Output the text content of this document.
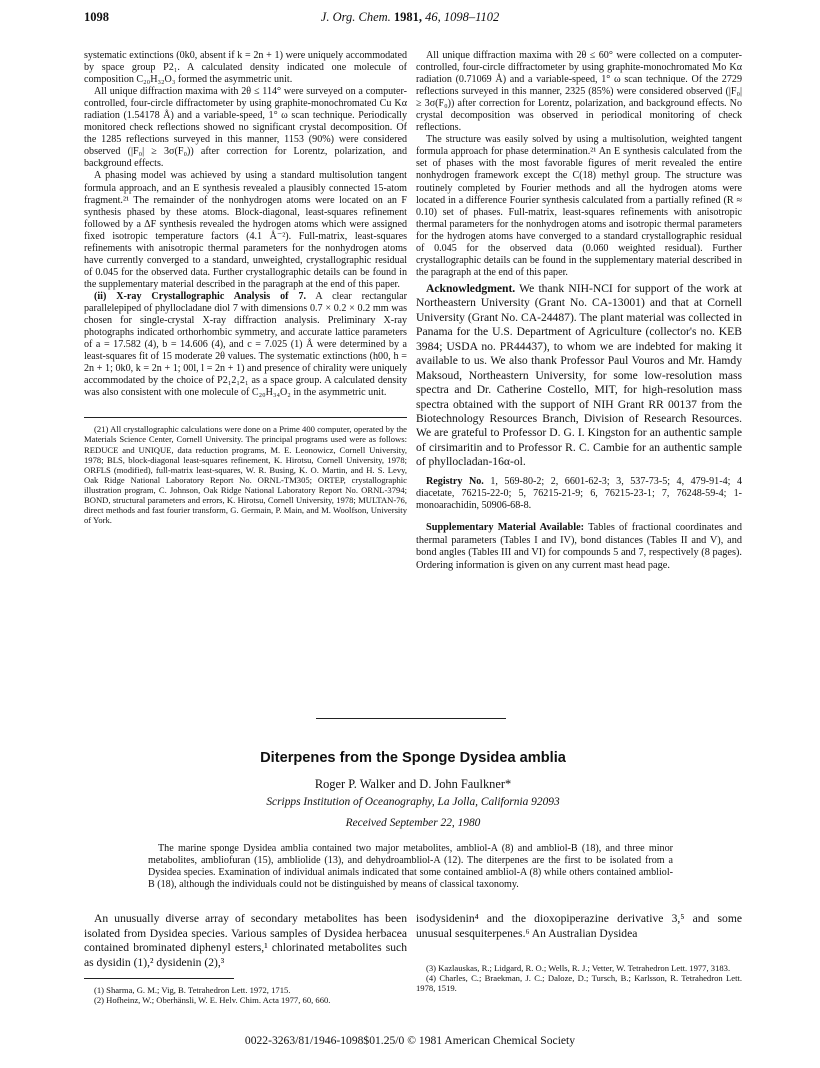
1098	J. Org. Chem. 1981, 46, 1098–1102

systematic extinctions (0k0, absent if k = 2n + 1) were uniquely accommodated by space group P2₁. A calculated density indicated one molecule of composition C₂₀H₃₂O₃ formed the asymmetric unit.

All unique diffraction maxima with 2θ ≤ 114° were surveyed on a computer-controlled, four-circle diffractometer by using graphite-monochromated Cu Kα radiation (1.54178 Å) and a variable-speed, 1° ω scan technique. Periodically monitored check reflections showed no significant crystal decomposition. Of the 1285 reflections surveyed in this manner, 1153 (90%) were considered observed (|F₀| ≥ 3σ(F₀)) after correction for Lorentz, polarization, and background effects.

A phasing model was achieved by using a standard multisolution tangent formula approach, and an E synthesis revealed a plausibly connected 15-atom fragment.²¹ The remainder of the nonhydrogen atoms were located on an F synthesis phased by these atoms. Block-diagonal, least-squares refinement followed by a ΔF synthesis revealed the hydrogen atoms which were assigned fixed isotropic temperature factors (4.1 Å⁻²). Full-matrix, least-squares refinements with anisotropic thermal parameters for the nonhydrogen atoms have currently converged to a standard, unweighted, crystallographic residual of 0.045 for the observed data. Further crystallographic details can be found in the supplementary material described in the paragraph at the end of this paper.

(ii) X-ray Crystallographic Analysis of 7. A clear rectangular parallelepiped of phyllocladane diol 7 with dimensions 0.7 × 0.2 × 0.2 mm was chosen for single-crystal X-ray diffraction analysis. Preliminary X-ray photographs indicated orthorhombic symmetry, and accurate lattice parameters of a = 17.582 (4), b = 14.606 (4), and c = 7.025 (1) Å were determined by a least-squares fit of 15 moderate 2θ values. The systematic extinctions (h00, h = 2n + 1; 0k0, k = 2n + 1; 00l, l = 2n + 1) and presence of chirality were uniquely accommodated by the choice of P2₁2₁2₁ as a space group. A calculated density was also consistent with one molecule of C₂₀H₃₄O₂ in the asymmetric unit.

(21) All crystallographic calculations were done on a Prime 400 computer, operated by the Materials Science Center, Cornell University. The principal programs used were as follows: REDUCE and UNIQUE, data reduction programs, M. E. Leonowicz, Cornell University, 1978; BLS, block-diagonal least-squares refinement, K. Hirotsu, Cornell University, 1978; ORFLS (modified), full-matrix least-squares, W. R. Busing, K. O. Martin, and H. S. Levy, Oak Ridge National Laboratory Report No. ORNL-TM305; ORTEP, crystallographic illustration program, C. Johnson, Oak Ridge National Laboratory Report No. ORNL-3794; BOND, structural parameters and errors, K. Hirotsu, Cornell University, 1978; MULTAN-76, direct methods and fast fourier transform, G. Germain, P. Main, and M. Woolfson, University of York.

All unique diffraction maxima with 2θ ≤ 60° were collected on a computer-controlled, four-circle diffractometer by using graphite-monochromated Mo Kα radiation (0.71069 Å) and a variable-speed, 1° ω scan technique. Of the 2729 reflections surveyed in this manner, 2325 (85%) were considered observed (|F₀| ≥ 3σ(F₀)) after correction for Lorentz, polarization, and background effects. No crystal decomposition was observed in periodical monitoring of check reflections.

The structure was easily solved by using a multisolution, weighted tangent formula approach for phase determination.²¹ An E synthesis calculated from the set of phases with the most favorable figures of merit revealed the entire nonhydrogen framework except the C(18) methyl group. The structure was routinely completed by Fourier methods and all the hydrogen atoms were located in a difference Fourier synthesis calculated from a partially refined (R ≈ 0.10) set of phases. Full-matrix, least-squares refinements with anisotropic thermal parameters for the nonhydrogen atoms and isotropic thermal parameters for the hydrogen atoms have converged to a standard crystallographic residual of 0.045 for the observed data (0.060 weighted residual). Further crystallographic details can be found in the supplementary material described in the paragraph at the end of this paper.

Acknowledgment. We thank NIH-NCI for support of the work at Northeastern University (Grant No. CA-13001) and that at Cornell University (Grant No. CA-24487). The plant material was collected in Panama for the U.S. Department of Agriculture (collector's no. KEB 3984; USDA no. PR44437), to whom we are indebted for making it available to us. We also thank Professor Paul Vouros and Mr. Hamdy Maksoud, Northeastern University, for some low-resolution mass spectra and Dr. Catherine Costello, MIT, for high-resolution mass spectra obtained with the support of NIH Grant RR 00137 from the Biotechnology Resources Branch, Division of Research Resources. We are grateful to Professor D. G. I. Kingston for an authentic sample of cirsimaritin and to Professor R. C. Cambie for an authentic sample of phyllocladan-16α-ol.

Registry No. 1, 569-80-2; 2, 6601-62-3; 3, 537-73-5; 4, 479-91-4; 4 diacetate, 76215-22-0; 5, 76215-21-9; 6, 76215-23-1; 7, 76248-59-4; 1-monoarachidin, 50906-68-8.

Supplementary Material Available: Tables of fractional coordinates and thermal parameters (Tables I and IV), bond distances (Tables II and V), and bond angles (Tables III and VI) for compounds 5 and 7, respectively (8 pages). Ordering information is given on any current mast head page.
Diterpenes from the Sponge Dysidea amblia
Roger P. Walker and D. John Faulkner*
Scripps Institution of Oceanography, La Jolla, California 92093
Received September 22, 1980

The marine sponge Dysidea amblia contained two major metabolites, ambliol-A (8) and ambliol-B (18), and three minor metabolites, ambliofuran (15), ambliolide (13), and dehydroambliol-A (12). The diterpenes are the first to be isolated from a Dysidea species. Examination of individual animals indicated that some contained ambliol-A (8) while others contained ambliol-B (18), although the individuals could not be distinguished by means of classical taxonomy.

An unusually diverse array of secondary metabolites has been isolated from Dysidea species. Various samples of Dysidea herbacea contained brominated diphenyl esters,¹ chlorinated metabolites such as dysidin (1),² dysidenin (2),³

(1) Sharma, G. M.; Vig, B. Tetrahedron Lett. 1972, 1715.
(2) Hofheinz, W.; Oberhänsli, W. E. Helv. Chim. Acta 1977, 60, 660.

isodysidenin⁴ and the dioxopiperazine derivative 3,⁵ and some unusual sesquiterpenes.⁶ An Australian Dysidea

(3) Kazlauskas, R.; Lidgard, R. O.; Wells, R. J.; Vetter, W. Tetrahedron Lett. 1977, 3183.
(4) Charles, C.; Braekman, J. C.; Daloze, D.; Tursch, B.; Karlsson, R. Tetrahedron Lett. 1978, 1519.
0022-3263/81/1946-1098$01.25/0 © 1981 American Chemical Society
